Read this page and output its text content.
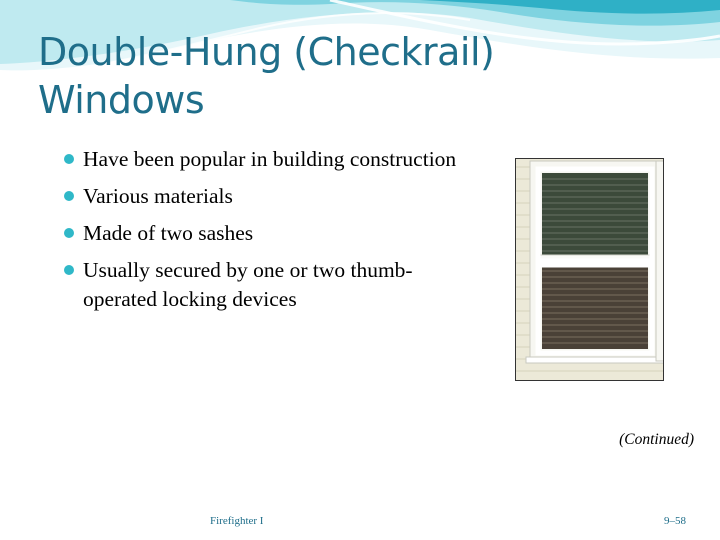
Double-Hung (Checkrail)
Windows
Have been popular in building construction
Various materials
Made of two sashes
Usually secured by one or two thumb-operated locking devices
(Continued)
Firefighter I	9–58
